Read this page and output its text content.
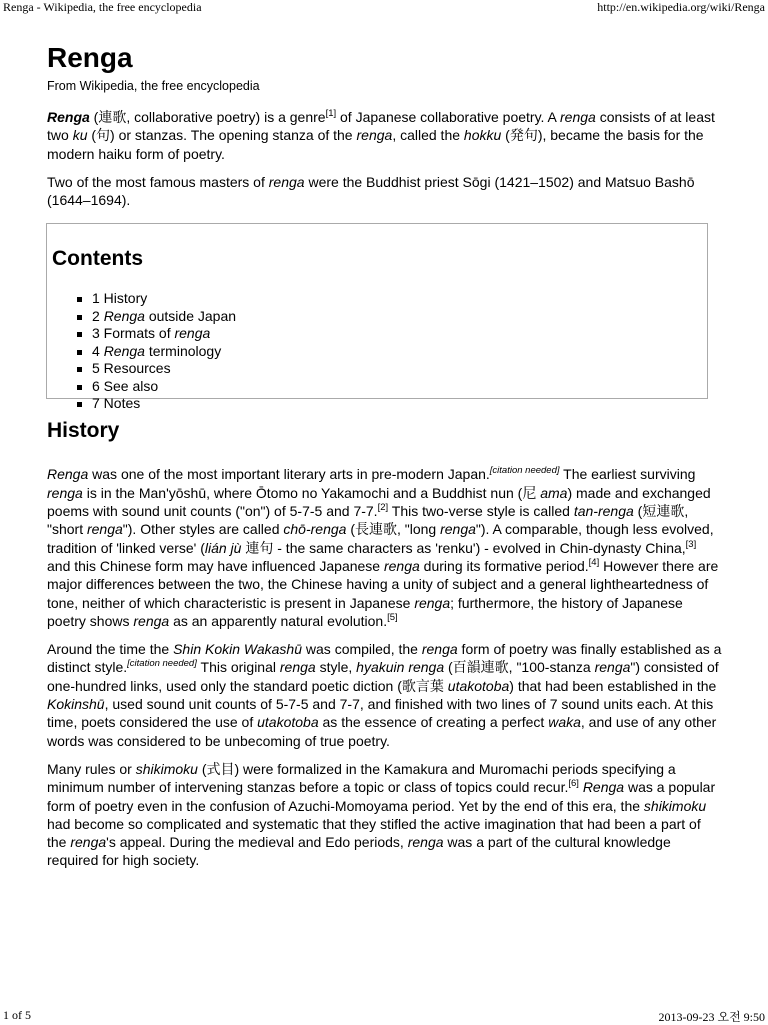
Renga - Wikipedia, the free encyclopedia	http://en.wikipedia.org/wiki/Renga
Renga
From Wikipedia, the free encyclopedia

Renga (連歌, collaborative poetry) is a genre[1] of Japanese collaborative poetry. A renga consists of at least two ku (句) or stanzas. The opening stanza of the renga, called the hokku (発句), became the basis for the modern haiku form of poetry.

Two of the most famous masters of renga were the Buddhist priest Sōgi (1421–1502) and Matsuo Bashō (1644–1694).

Contents
1 History
2 Renga outside Japan
3 Formats of renga
4 Renga terminology
5 Resources
6 See also
7 Notes
History

Renga was one of the most important literary arts in pre-modern Japan.[citation needed] The earliest surviving renga is in the Man'yōshū, where Ōtomo no Yakamochi and a Buddhist nun (尼 ama) made and exchanged poems with sound unit counts ("on") of 5-7-5 and 7-7.[2] This two-verse style is called tan-renga (短連歌, "short renga"). Other styles are called chō-renga (長連歌, "long renga"). A comparable, though less evolved, tradition of 'linked verse' (lián jù 連句 - the same characters as 'renku') - evolved in Chin-dynasty China,[3] and this Chinese form may have influenced Japanese renga during its formative period.[4] However there are major differences between the two, the Chinese having a unity of subject and a general lightheartedness of tone, neither of which characteristic is present in Japanese renga; furthermore, the history of Japanese poetry shows renga as an apparently natural evolution.[5]

Around the time the Shin Kokin Wakashū was compiled, the renga form of poetry was finally established as a distinct style.[citation needed] This original renga style, hyakuin renga (百韻連歌, "100-stanza renga") consisted of one-hundred links, used only the standard poetic diction (歌言葉 utakotoba) that had been established in the Kokinshū, used sound unit counts of 5-7-5 and 7-7, and finished with two lines of 7 sound units each. At this time, poets considered the use of utakotoba as the essence of creating a perfect waka, and use of any other words was considered to be unbecoming of true poetry.

Many rules or shikimoku (式目) were formalized in the Kamakura and Muromachi periods specifying a minimum number of intervening stanzas before a topic or class of topics could recur.[6] Renga was a popular form of poetry even in the confusion of Azuchi-Momoyama period. Yet by the end of this era, the shikimoku had become so complicated and systematic that they stifled the active imagination that had been a part of the renga's appeal. During the medieval and Edo periods, renga was a part of the cultural knowledge required for high society.

1 of 5	2013-09-23 오전 9:50
